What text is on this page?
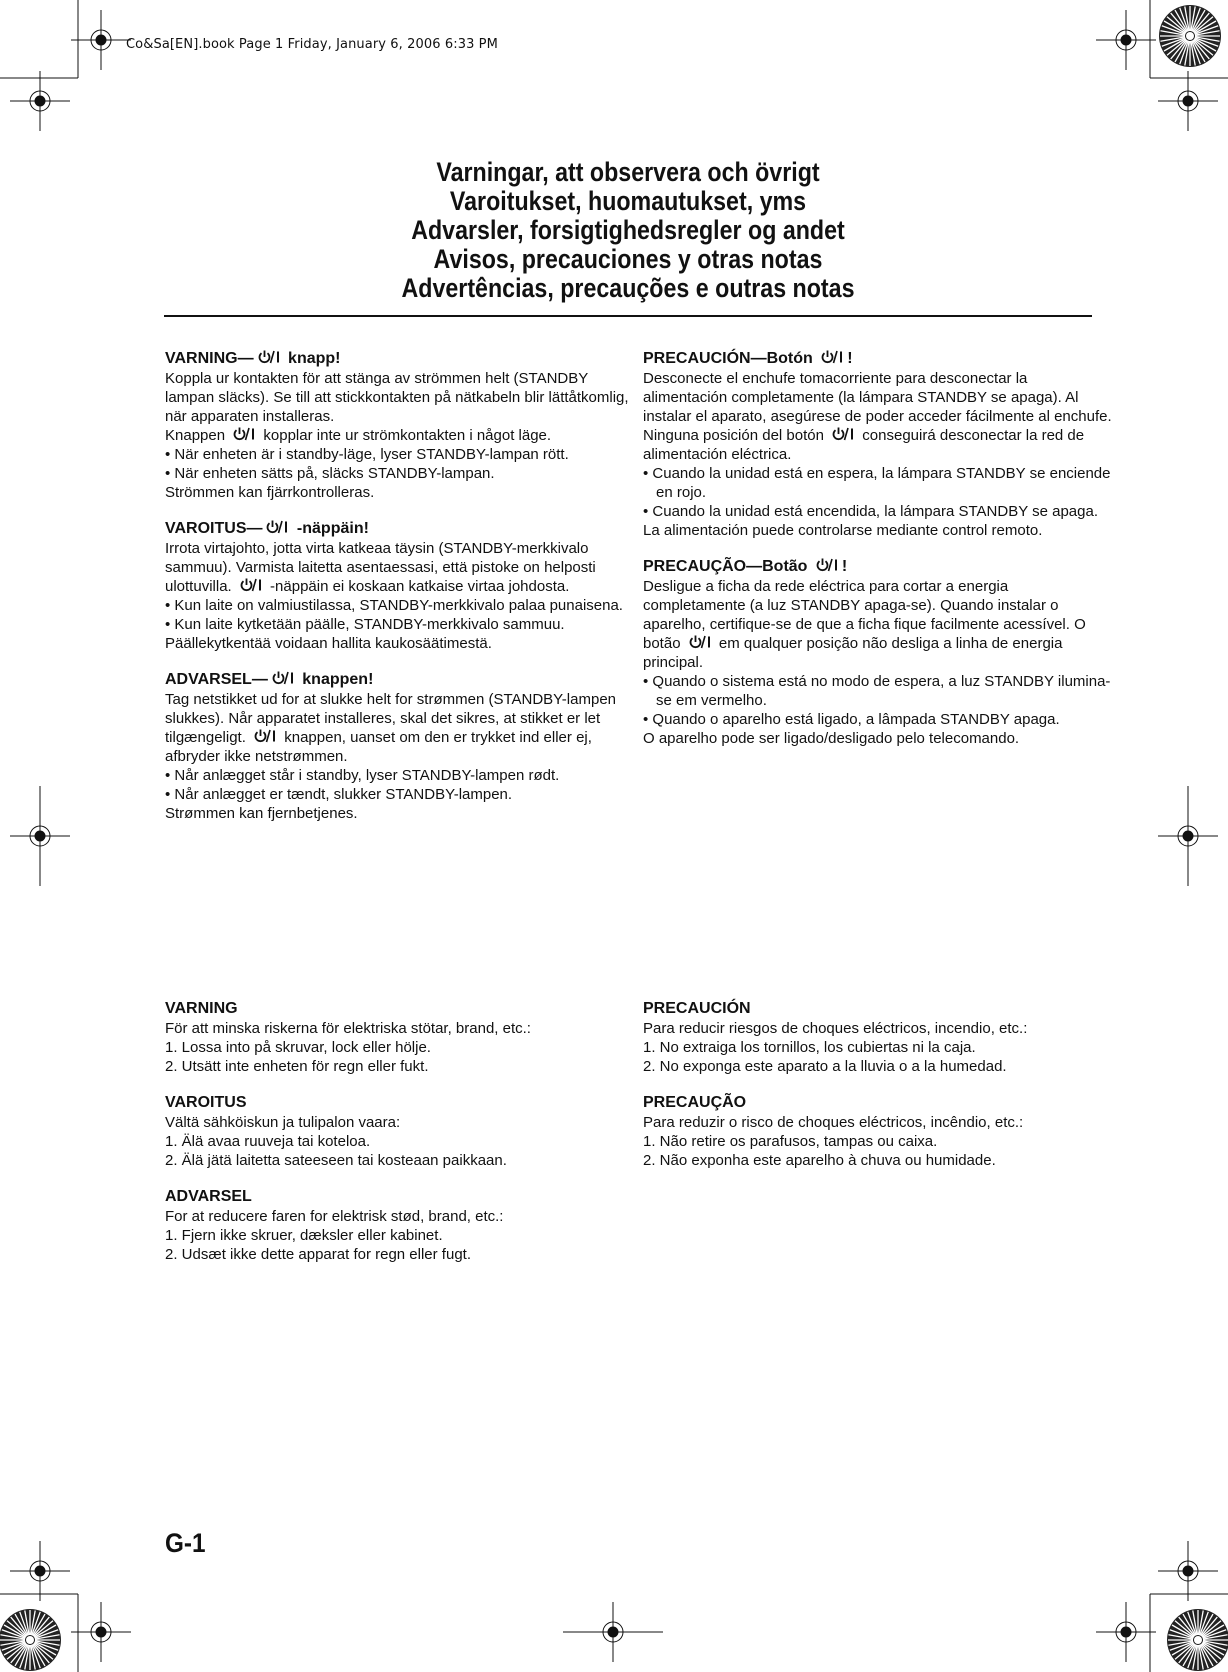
Co&Sa[EN].book Page 1 Friday, January 6, 2006 6:33 PM
Varningar, att observera och övrigt
Varoitukset, huomautukset, yms
Advarsler, forsigtighedsregler og andet
Avisos, precauciones y otras notas
Advertências, precauções e outras notas
VARNING—
knapp!

Koppla ur kontakten för att stänga av strömmen helt (STANDBY lampan släcks). Se till att stickkontakten på nätkabeln blir lättåtkomlig, när apparaten installeras.

Knappen
kopplar inte ur strömkontakten i något läge.

• När enheten är i standby-läge, lyser STANDBY-lampan rött.

• När enheten sätts på, släcks STANDBY-lampan.

Strömmen kan fjärrkontrolleras.

VAROITUS—
-näppäin!

Irrota virtajohto, jotta virta katkeaa täysin (STANDBY-merkkivalo sammuu). Varmista laitetta asentaessasi, että pistoke on helposti ulottuvilla.
-näppäin ei koskaan katkaise virtaa johdosta.

• Kun laite on valmiustilassa, STANDBY-merkkivalo palaa punaisena.

• Kun laite kytketään päälle, STANDBY-merkkivalo sammuu.

Päällekytkentää voidaan hallita kaukosäätimestä.

ADVARSEL—
knappen!

Tag netstikket ud for at slukke helt for strømmen (STANDBY-lampen slukkes). Når apparatet installeres, skal det sikres, at stikket er let tilgængeligt.
knappen, uanset om den er trykket ind eller ej, afbryder ikke netstrømmen.

• Når anlægget står i standby, lyser STANDBY-lampen rødt.

• Når anlægget er tændt, slukker STANDBY-lampen.

Strømmen kan fjernbetjenes.

PRECAUCIÓN—Botón
!

Desconecte el enchufe tomacorriente para desconectar la alimentación completamente (la lámpara STANDBY se apaga). Al instalar el aparato, asegúrese de poder acceder fácilmente al enchufe. Ninguna posición del botón
conseguirá desconectar la red de alimentación eléctrica.

• Cuando la unidad está en espera, la lámpara STANDBY se enciende en rojo.

• Cuando la unidad está encendida, la lámpara STANDBY se apaga.

La alimentación puede controlarse mediante control remoto.

PRECAUÇÃO—Botão
!

Desligue a ficha da rede eléctrica para cortar a energia completamente (a luz STANDBY apaga-se). Quando instalar o aparelho, certifique-se de que a ficha fique facilmente acessível. O botão
em qualquer posição não desliga a linha de energia principal.

• Quando o sistema está no modo de espera, a luz STANDBY ilumina-se em vermelho.

• Quando o aparelho está ligado, a lâmpada STANDBY apaga.

O aparelho pode ser ligado/desligado pelo telecomando.

VARNING

För att minska riskerna för elektriska stötar, brand, etc.:

1. Lossa into på skruvar, lock eller hölje.

2. Utsätt inte enheten för regn eller fukt.

VAROITUS

Vältä sähköiskun ja tulipalon vaara:

1. Älä avaa ruuveja tai koteloa.

2. Älä jätä laitetta sateeseen tai kosteaan paikkaan.

ADVARSEL

For at reducere faren for elektrisk stød, brand, etc.:

1. Fjern ikke skruer, dæksler eller kabinet.

2. Udsæt ikke dette apparat for regn eller fugt.

PRECAUCIÓN

Para reducir riesgos de choques eléctricos, incendio, etc.:

1. No extraiga los tornillos, los cubiertas ni la caja.

2. No exponga este aparato a la lluvia o a la humedad.

PRECAUÇÃO

Para reduzir o risco de choques eléctricos, incêndio, etc.:

1. Não retire os parafusos, tampas ou caixa.

2. Não exponha este aparelho à chuva ou humidade.

G-1
